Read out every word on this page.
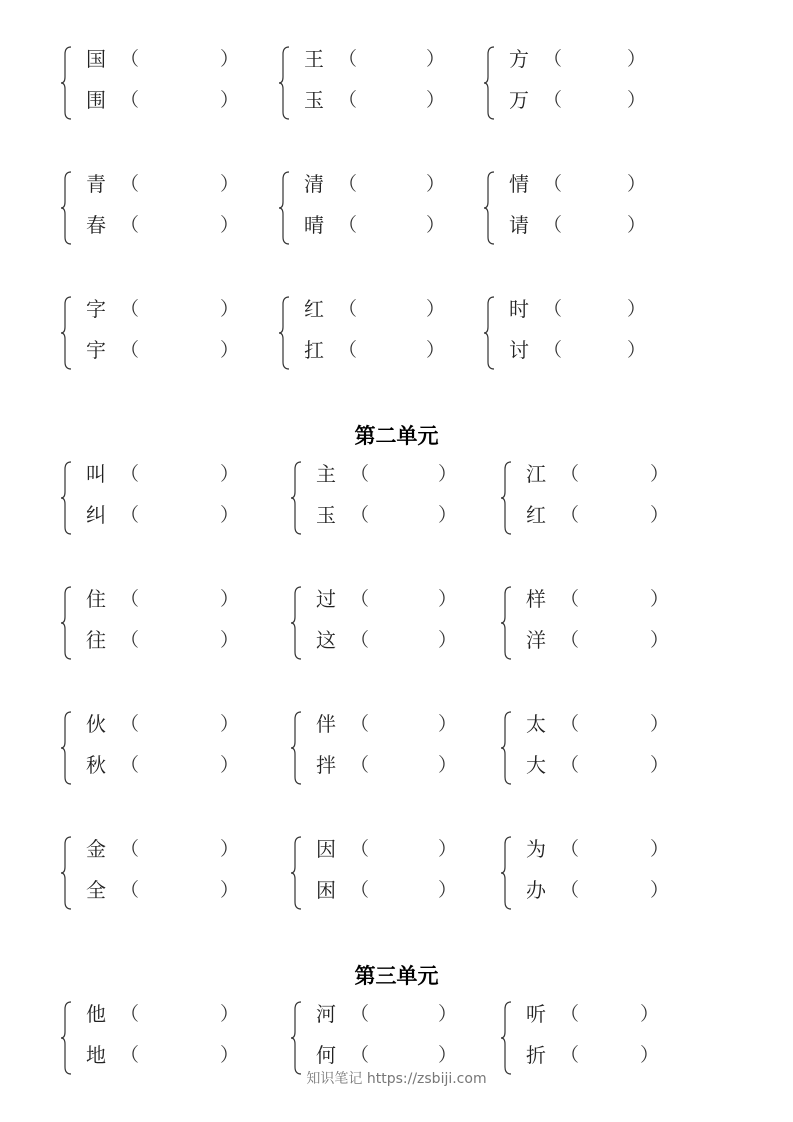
国 （	）
围 （	）
王 （	）
玉 （	）
方 （	）
万 （	）
青 （	）
春 （	）
清 （	）
晴 （	）
情 （	）
请 （	）
字 （	）
宇 （	）
红 （	）
扛 （	）
时 （	）
讨 （	）
第二单元
叫 （	）
纠 （	）
主 （	）
玉 （	）
江 （	）
红 （	）
住 （	）
往 （	）
过 （	）
这 （	）
样 （	）
洋 （	）
伙 （	）
秋 （	）
伴 （	）
拌 （	）
太 （	）
大 （	）
金 （	）
全 （	）
因 （	）
困 （	）
为 （	）
办 （	）
第三单元
他 （	）
地 （	）
河 （	）
何 （	）
听 （	）
折 （	）
知识笔记 https://zsbiji.com
